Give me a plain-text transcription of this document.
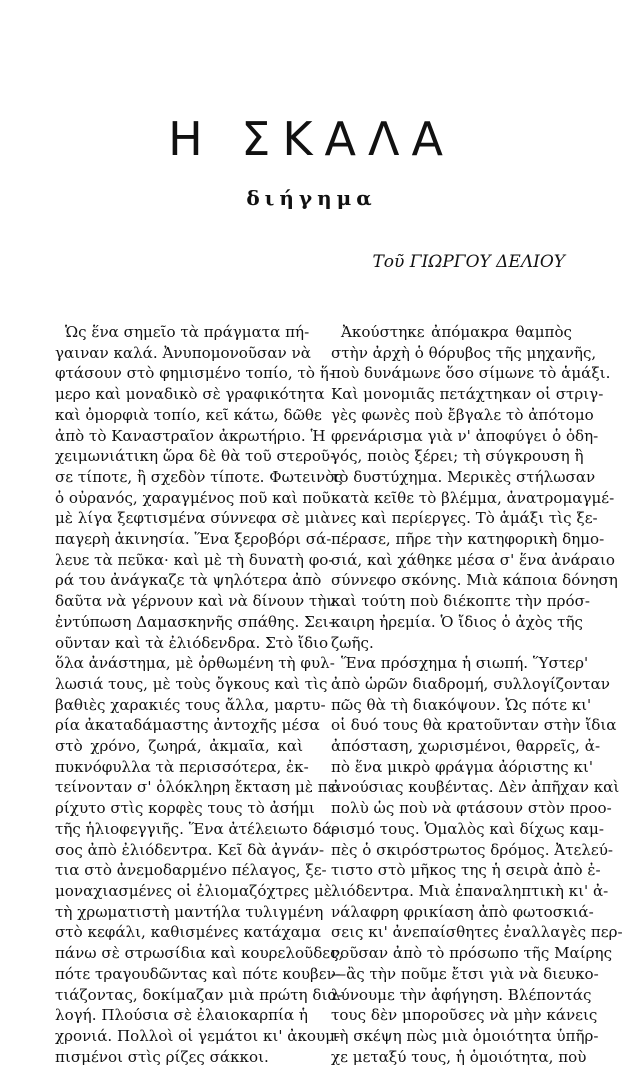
Η ΣΚΑΛΑ
διήγημα
Τοῦ ΓΙΩΡΓΟΥ ΔΕΛΙΟΥ
Ὡς ἕνα σημεῖο τὰ πράγματα πή-
γαιναν καλά. Ἀνυπομονοῦσαν νὰ
φτάσουν στὸ φημισμένο τοπίο, τὸ ἥ-
μερο καὶ μοναδικὸ σὲ γραφικότητα
καὶ ὀμορφιὰ τοπίο, κεῖ κάτω, δῶθε
ἀπὸ τὸ Καναστραῖον ἀκρωτήριο. Ἡ
χειμωνιάτικη ὥρα δὲ θὰ τοῦ στεροῦ-
σε τίποτε, ἢ σχεδὸν τίποτε. Φωτεινὸς
ὁ οὐρανός, χαραγμένος ποῦ καὶ ποῦ
μὲ λίγα ξεφτισμένα σύννεφα σὲ μιὰ
παγερὴ ἀκινησία. Ἕνα ξεροβόρι σά-
λευε τὰ πεῦκα· καὶ μὲ τὴ δυνατὴ φο-
ρά του ἀνάγκαζε τὰ ψηλότερα ἀπὸ
δαῦτα νὰ γέρνουν καὶ νὰ δίνουν τὴν
ἐντύπωση Δαμασκηνῆς σπάθης. Σει-
οῦνταν καὶ τὰ ἐλιόδενδρα. Στὸ ἴδιο
ὅλα ἀνάστημα, μὲ ὀρθωμένη τὴ φυλ-
λωσιά τους, μὲ τοὺς ὄγκους καὶ τὶς
βαθιὲς χαρακιές τους ἄλλα, μαρτυ-
ρία ἀκαταδάμαστης ἀντοχῆς μέσα
στὸ χρόνο, ζωηρά, ἀκμαῖα, καὶ
πυκνόφυλλα τὰ περισσότερα, ἐκ-
τείνονταν σ' ὁλόκληρη ἔκταση μὲ πε-
ρίχυτο στὶς κορφὲς τους τὸ ἀσήμι
τῆς ἡλιοφεγγιῆς. Ἕνα ἀτέλειωτο δά-
σος ἀπὸ ἐλιόδεντρα. Κεῖ δὰ ἀγνάν-
τια στὸ ἀνεμοδαρμένο πέλαγος, ξε-
μοναχιασμένες οἱ ἐλιομαζόχτρες μὲ
τὴ χρωματιστὴ μαντήλα τυλιγμένη
στὸ κεφάλι, καθισμένες κατάχαμα
πάνω σὲ στρωσίδια καὶ κουρελοῦδες,
πότε τραγουδῶντας καὶ πότε κουβεν-
τιάζοντας, δοκίμαζαν μιὰ πρώτη δια-
λογή. Πλούσια σὲ ἐλαιοκαρπία ἡ
χρονιά. Πολλοὶ οἱ γεμάτοι κι' ἀκουμ-
πισμένοι στὶς ρίζες σάκκοι.
Ἀκούστηκε ἀπόμακρα θαμπὸς
στὴν ἀρχὴ ὁ θόρυβος τῆς μηχανῆς,
ποὺ δυνάμωνε ὅσο σίμωνε τὸ ἁμάξι.
Καὶ μονομιᾶς πετάχτηκαν οἱ στριγ-
γὲς φωνὲς ποὺ ἔβγαλε τὸ ἀπότομο
φρενάρισμα γιὰ ν' ἀποφύγει ὁ ὁδη-
γός, ποιὸς ξέρει; τὴ σύγκρουση ἢ
τὸ δυστύχημα. Μερικὲς στήλωσαν
κατὰ κεῖθε τὸ βλέμμα, ἀνατρομαγμέ-
νες καὶ περίεργες. Τὸ ἁμάξι τὶς ξε-
πέρασε, πῆρε τὴν κατηφορικὴ δημο-
σιά, καὶ χάθηκε μέσα σ' ἕνα ἀνάραιο
σύννεφο σκόνης. Μιὰ κάποια δόνηση
καὶ τούτη ποὺ διέκοπτε τὴν πρόσ-
καιρη ἠρεμία. Ὁ ἴδιος ὁ ἀχὸς τῆς
ζωῆς.
Ἕνα πρόσχημα ἡ σιωπή. Ὕστερ'
ἀπὸ ὡρῶν διαδρομή, συλλογίζονταν
πῶς θὰ τὴ διακόψουν. Ὡς πότε κι'
οἱ δυό τους θὰ κρατοῦνταν στὴν ἴδια
ἀπόσταση, χωρισμένοι, θαρρεῖς, ἀ-
πὸ ἕνα μικρὸ φράγμα ἀόριστης κι'
ἀνούσιας κουβέντας. Δὲν ἀπῆχαν καὶ
πολὺ ὡς ποὺ νὰ φτάσουν στὸν προο-
ρισμό τους. Ὁμαλὸς καὶ δίχως καμ-
πὲς ὁ σκιρόστρωτος δρόμος. Ἀτελεύ-
τιστο στὸ μῆκος της ἡ σειρὰ ἀπὸ ἐ-
λιόδεντρα. Μιὰ ἐπαναληπτικὴ κι' ἀ-
νάλαφρη φρικίαση ἀπὸ φωτοσκιά-
σεις κι' ἀνεπαίσθητες ἐναλλαγὲς περ-
νοῦσαν ἀπὸ τὸ πρόσωπο τῆς Μαίρης
—ἂς τὴν ποῦμε ἔτσι γιὰ νὰ διευκο-
λύνουμε τὴν ἀφήγηση. Βλέποντάς
τους δὲν μποροῦσες νὰ μὴν κάνεις
τὴ σκέψη πὼς μιὰ ὁμοιότητα ὑπῆρ-
χε μεταξύ τους, ἡ ὁμοιότητα, ποὺ
